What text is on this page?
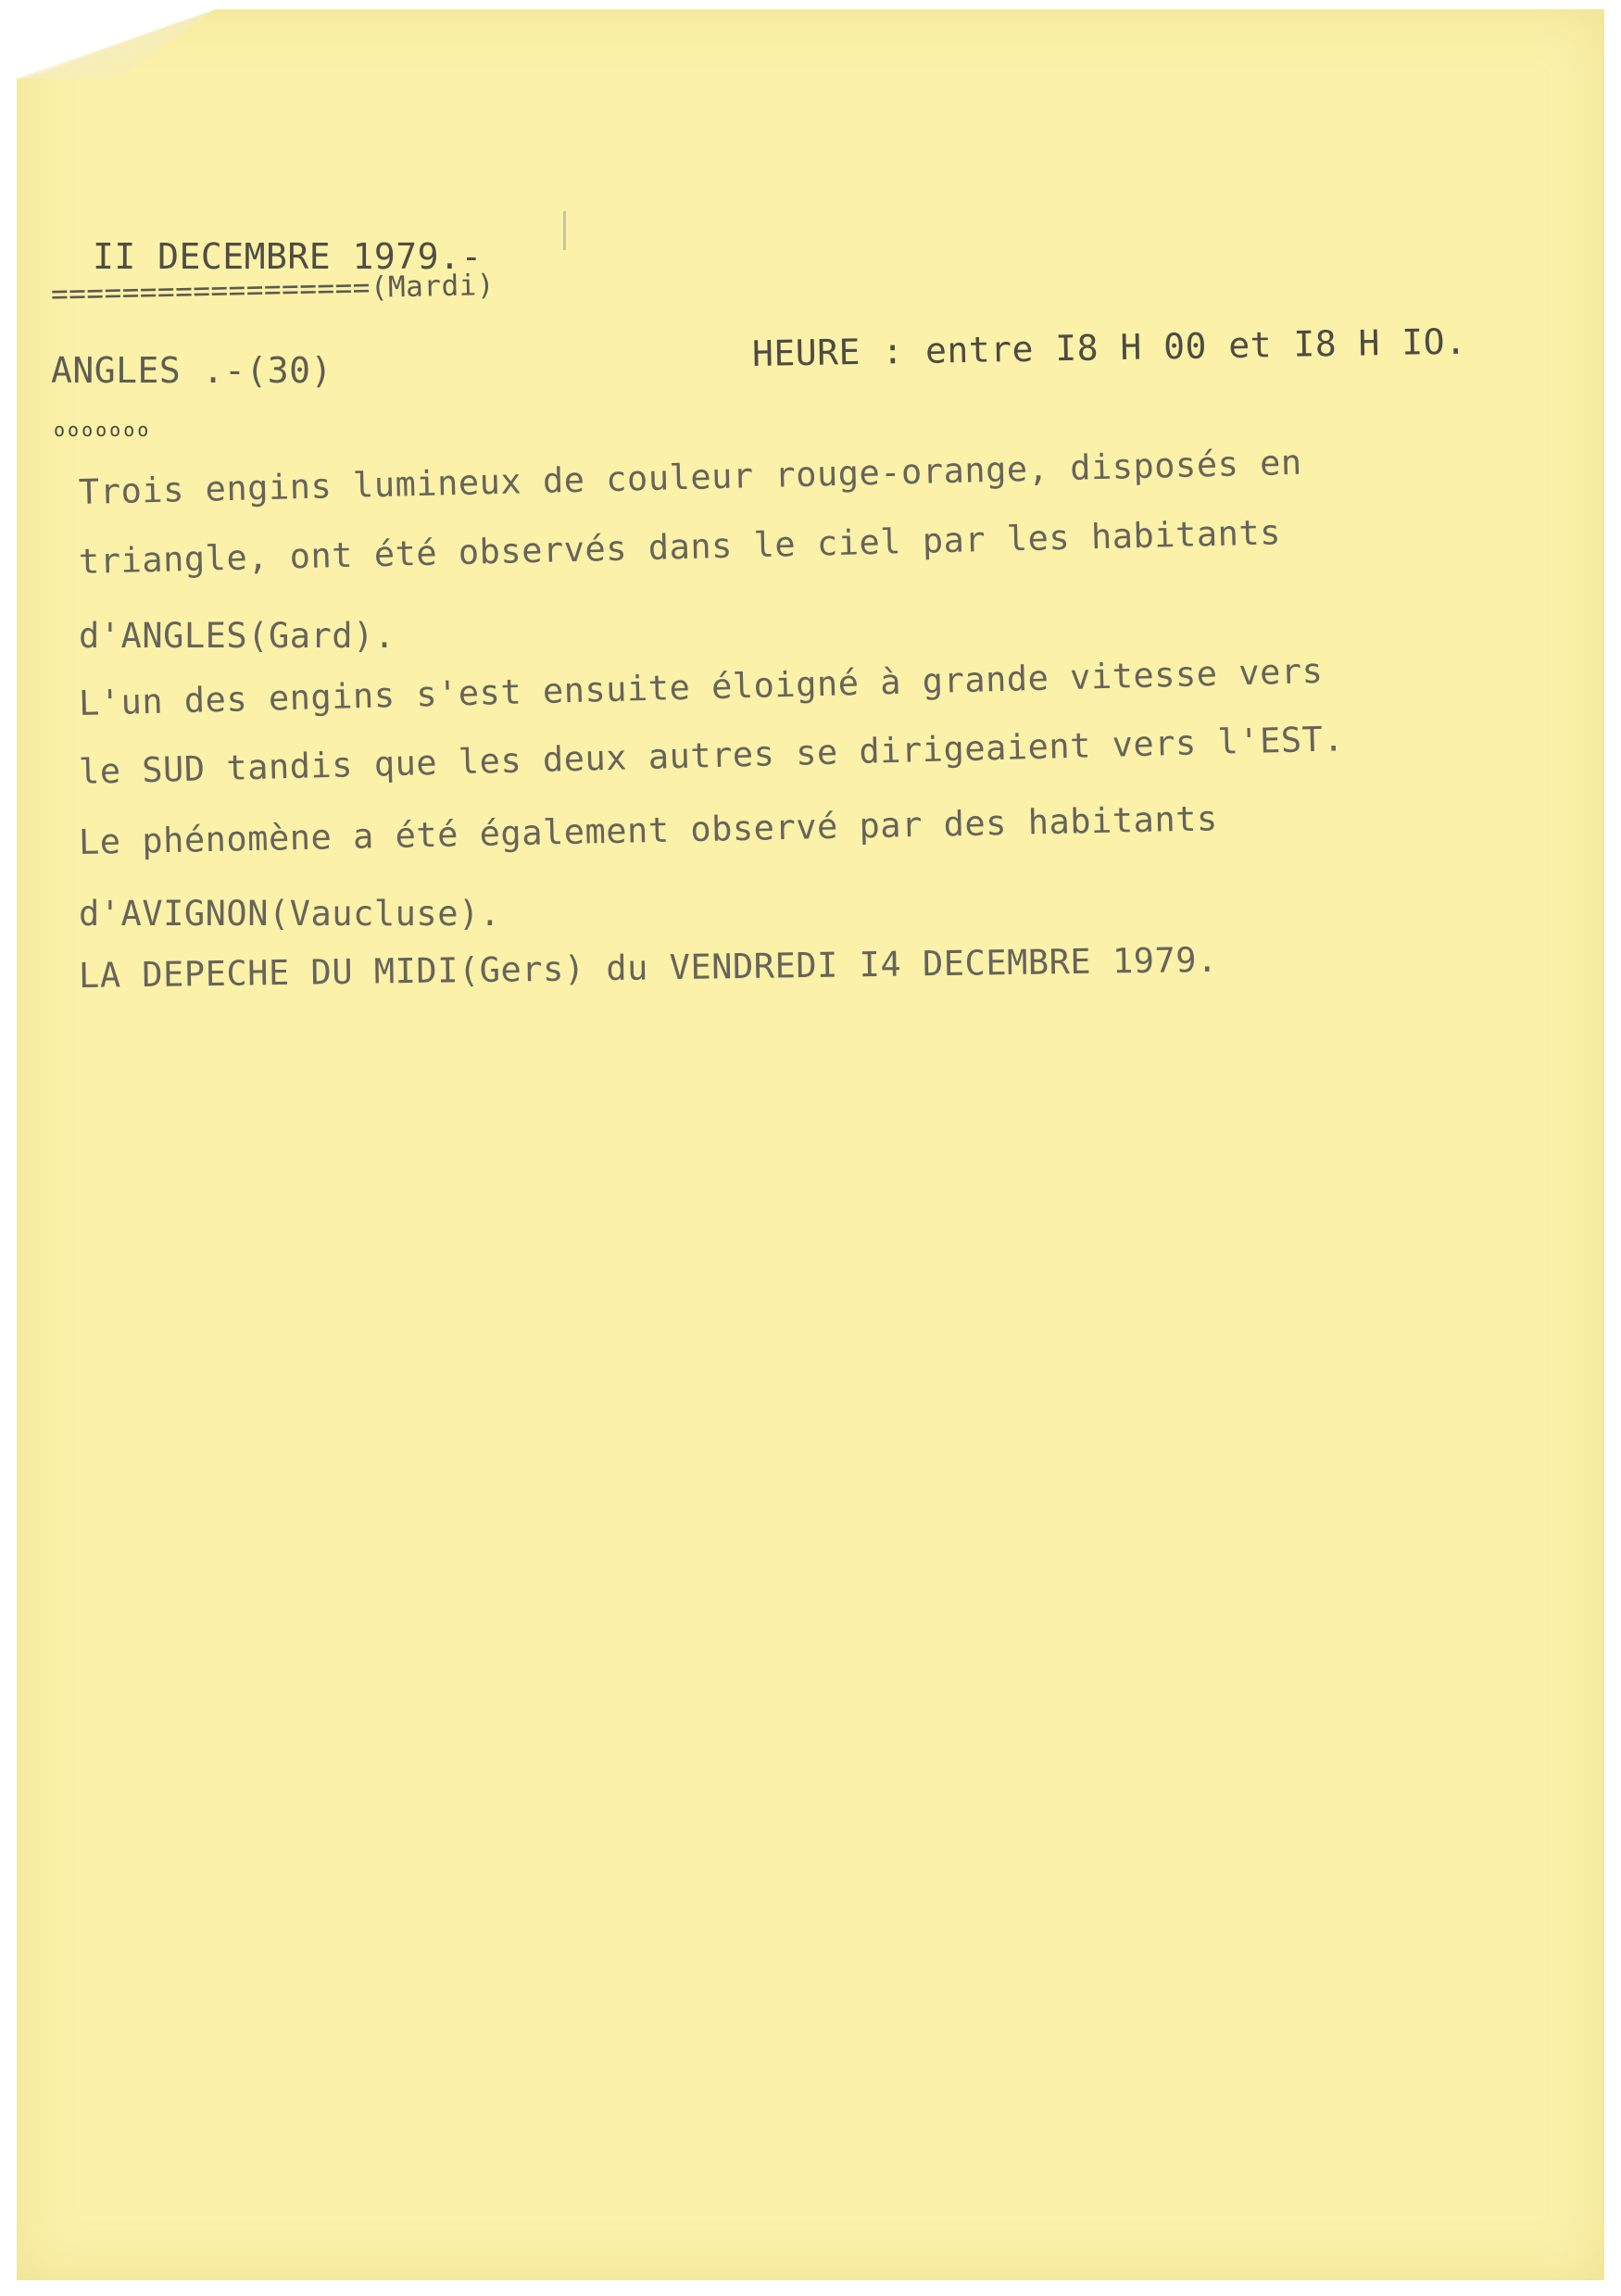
II DECEMBRE 1979.-

==================(Mardi)

ANGLES .-(30)	HEURE : entre I8 H 00 et I8 H IO.

ooooooo

Trois engins lumineux de couleur rouge-orange, disposés en

triangle, ont été observés dans le ciel par les habitants

d'ANGLES(Gard).

L'un des engins s'est ensuite éloigné à grande vitesse vers

le SUD tandis que les deux autres se dirigeaient vers l'EST.

Le phénomène a été également observé par des habitants

d'AVIGNON(Vaucluse).

LA DEPECHE DU MIDI(Gers) du VENDREDI I4 DECEMBRE 1979.
